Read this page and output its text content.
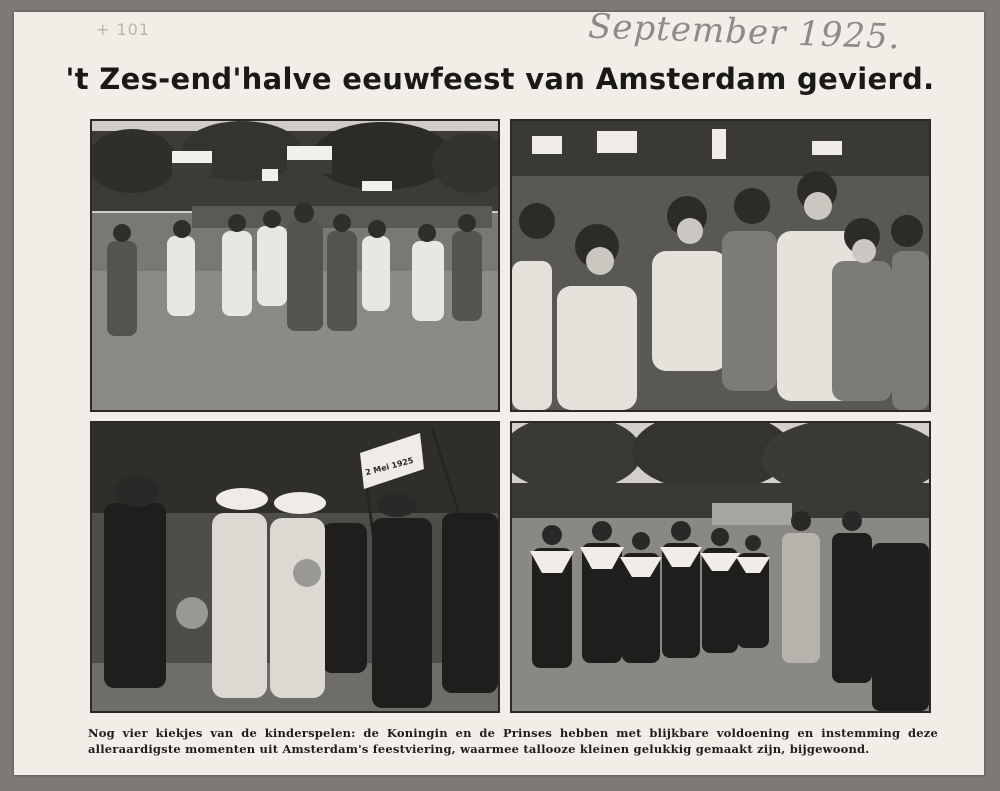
+ 101	September 1925.
't Zes-end'halve eeuwfeest van Amsterdam gevierd.
2 Mei 1925
Nog vier kiekjes van de kinderspelen: de Koningin en de Prinses hebben met blijkbare voldoening en instemming deze alleraardigste momenten uit Amsterdam's feestviering, waarmee tallooze kleinen gelukkig gemaakt zijn, bijgewoond.
